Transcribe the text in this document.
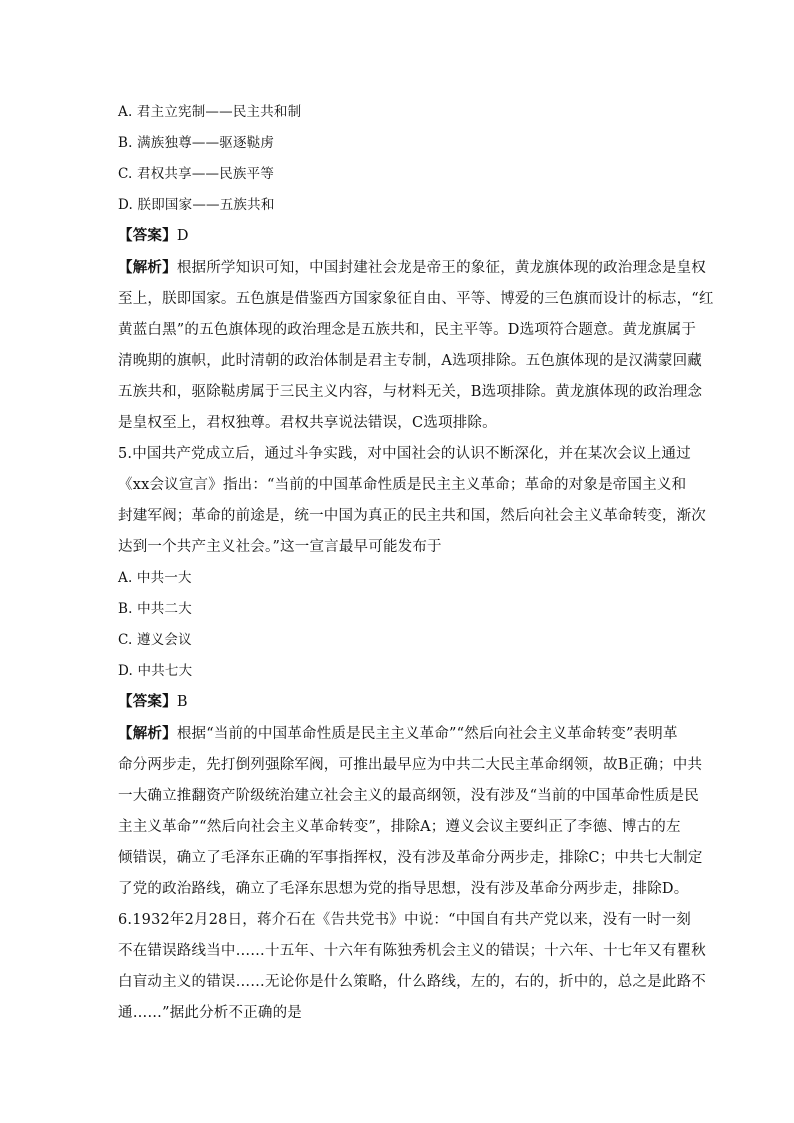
A. 君主立宪制——民主共和制
B. 满族独尊——驱逐鞑虏
C. 君权共享——民族平等
D. 朕即国家——五族共和
【答案】D
【解析】根据所学知识可知，中国封建社会龙是帝王的象征，黄龙旗体现的政治理念是皇权
至上，朕即国家。五色旗是借鉴西方国家象征自由、平等、博爱的三色旗而设计的标志，“红
黄蓝白黑”的五色旗体现的政治理念是五族共和，民主平等。D选项符合题意。黄龙旗属于
清晚期的旗帜，此时清朝的政治体制是君主专制，A选项排除。五色旗体现的是汉满蒙回藏
五族共和，驱除鞑虏属于三民主义内容，与材料无关，B选项排除。黄龙旗体现的政治理念
是皇权至上，君权独尊。君权共享说法错误，C选项排除。
5.中国共产党成立后，通过斗争实践，对中国社会的认识不断深化，并在某次会议上通过
《xx会议宣言》指出：“当前的中国革命性质是民主主义革命；革命的对象是帝国主义和
封建军阀；革命的前途是，统一中国为真正的民主共和国，然后向社会主义革命转变，渐次
达到一个共产主义社会。”这一宣言最早可能发布于
A. 中共一大
B. 中共二大
C. 遵义会议
D. 中共七大
【答案】B
【解析】根据“当前的中国革命性质是民主主义革命”“然后向社会主义革命转变”表明革
命分两步走，先打倒列强除军阀，可推出最早应为中共二大民主革命纲领，故B正确；中共
一大确立推翻资产阶级统治建立社会主义的最高纲领，没有涉及“当前的中国革命性质是民
主主义革命”“然后向社会主义革命转变”，排除A；遵义会议主要纠正了李德、博古的左
倾错误，确立了毛泽东正确的军事指挥权，没有涉及革命分两步走，排除C；中共七大制定
了党的政治路线，确立了毛泽东思想为党的指导思想，没有涉及革命分两步走，排除D。
6.1932年2月28日，蒋介石在《告共党书》中说：“中国自有共产党以来，没有一时一刻
不在错误路线当中……十五年、十六年有陈独秀机会主义的错误；十六年、十七年又有瞿秋
白盲动主义的错误……无论你是什么策略，什么路线，左的，右的，折中的，总之是此路不
通……”据此分析不正确的是
